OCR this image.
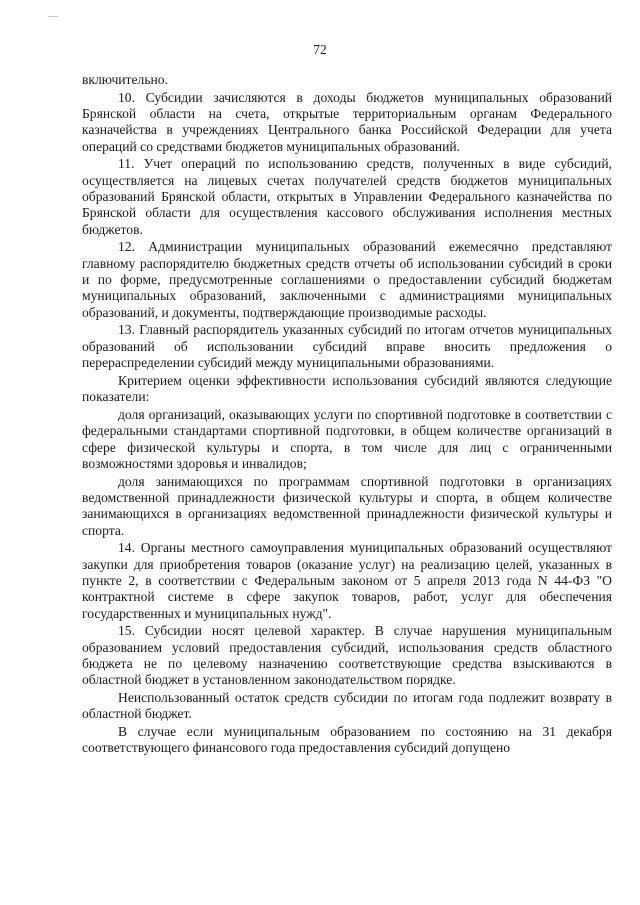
—
72

включительно.

10. Субсидии зачисляются в доходы бюджетов муниципальных образований Брянской области на счета, открытые территориальным органам Федерального казначейства в учреждениях Центрального банка Российской Федерации для учета операций со средствами бюджетов муниципальных образований.

11. Учет операций по использованию средств, полученных в виде субсидий, осуществляется на лицевых счетах получателей средств бюджетов муниципальных образований Брянской области, открытых в Управлении Федерального казначейства по Брянской области для осуществления кассового обслуживания исполнения местных бюджетов.

12. Администрации муниципальных образований ежемесячно представляют главному распорядителю бюджетных средств отчеты об использовании субсидий в сроки и по форме, предусмотренные соглашениями о предоставлении субсидий бюджетам муниципальных образований, заключенными с администрациями муниципальных образований, и документы, подтверждающие производимые расходы.

13. Главный распорядитель указанных субсидий по итогам отчетов муниципальных образований об использовании субсидий вправе вносить предложения о перераспределении субсидий между муниципальными образованиями.

Критерием оценки эффективности использования субсидий являются следующие показатели:

доля организаций, оказывающих услуги по спортивной подготовке в соответствии с федеральными стандартами спортивной подготовки, в общем количестве организаций в сфере физической культуры и спорта, в том числе для лиц с ограниченными возможностями здоровья и инвалидов;

доля занимающихся по программам спортивной подготовки в организациях ведомственной принадлежности физической культуры и спорта, в общем количестве занимающихся в организациях ведомственной принадлежности физической культуры и спорта.

14. Органы местного самоуправления муниципальных образований осуществляют закупки для приобретения товаров (оказание услуг) на реализацию целей, указанных в пункте 2, в соответствии с Федеральным законом от 5 апреля 2013 года N 44-ФЗ "О контрактной системе в сфере закупок товаров, работ, услуг для обеспечения государственных и муниципальных нужд".

15. Субсидии носят целевой характер. В случае нарушения муниципальным образованием условий предоставления субсидий, использования средств областного бюджета не по целевому назначению соответствующие средства взыскиваются в областной бюджет в установленном законодательством порядке.

Неиспользованный остаток средств субсидии по итогам года подлежит возврату в областной бюджет.

В случае если муниципальным образованием по состоянию на 31 декабря соответствующего финансового года предоставления субсидий допущено
